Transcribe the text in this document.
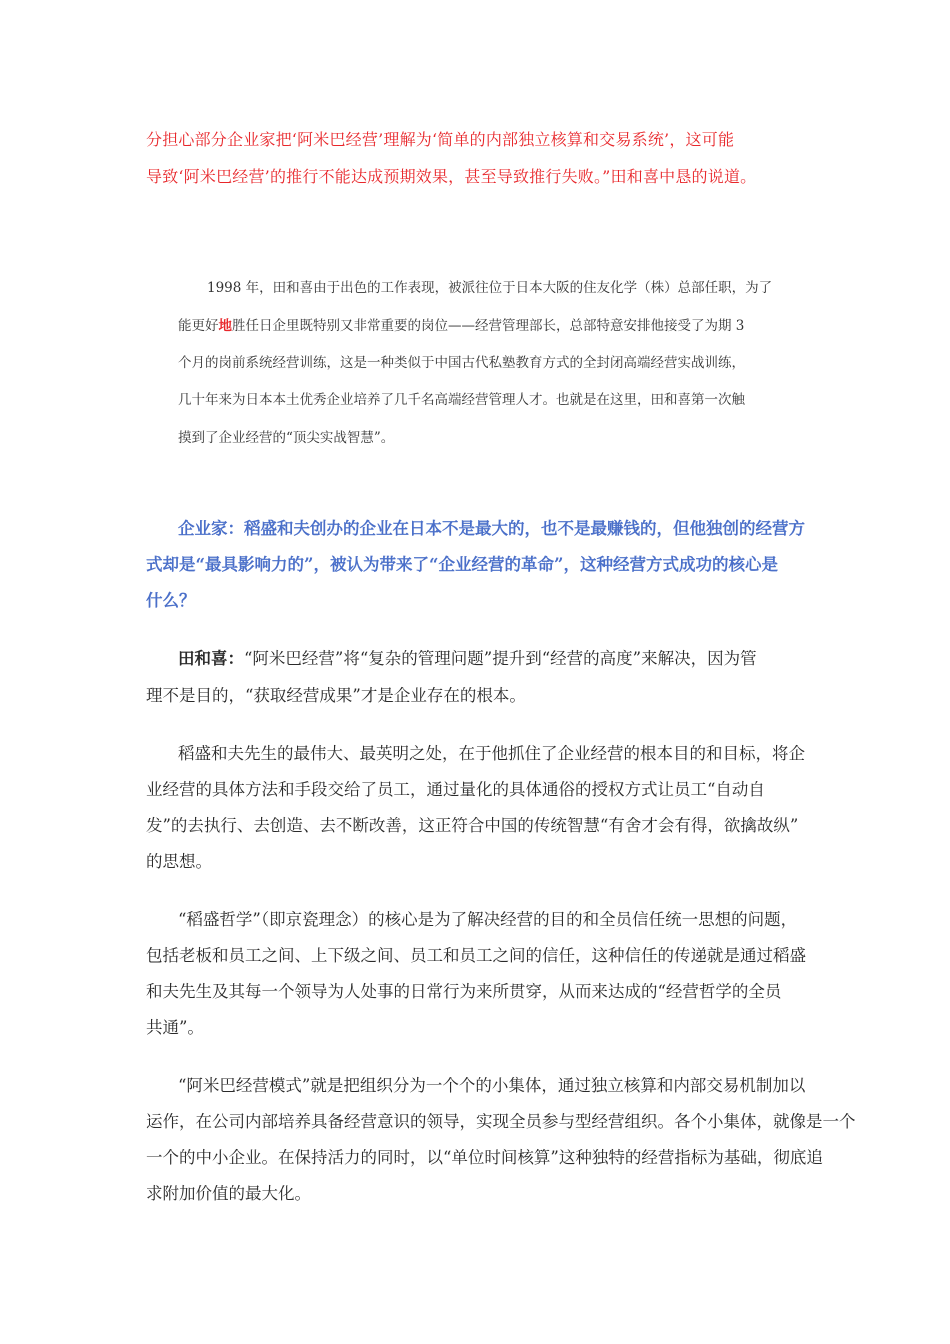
分担心部分企业家把‘阿米巴经营’理解为‘简单的内部独立核算和交易系统’，这可能
导致‘阿米巴经营’的推行不能达成预期效果，甚至导致推行失败。”田和喜中恳的说道。
1998 年，田和喜由于出色的工作表现，被派往位于日本大阪的住友化学（株）总部任职，为了
能更好地胜任日企里既特别又非常重要的岗位——经营管理部长，总部特意安排他接受了为期 3
个月的岗前系统经营训练，这是一种类似于中国古代私塾教育方式的全封闭高端经营实战训练，
几十年来为日本本土优秀企业培养了几千名高端经营管理人才。也就是在这里，田和喜第一次触
摸到了企业经营的“顶尖实战智慧”。
企业家：稻盛和夫创办的企业在日本不是最大的，也不是最赚钱的，但他独创的经营方
式却是“最具影响力的”，被认为带来了“企业经营的革命”，这种经营方式成功的核心是
什么？
田和喜：“阿米巴经营”将“复杂的管理问题”提升到“经营的高度”来解决，因为管
理不是目的，“获取经营成果”才是企业存在的根本。
稻盛和夫先生的最伟大、最英明之处，在于他抓住了企业经营的根本目的和目标，将企
业经营的具体方法和手段交给了员工，通过量化的具体通俗的授权方式让员工“自动自
发”的去执行、去创造、去不断改善，这正符合中国的传统智慧“有舍才会有得，欲擒故纵”
的思想。
“稻盛哲学”（即京瓷理念）的核心是为了解决经营的目的和全员信任统一思想的问题，
包括老板和员工之间、上下级之间、员工和员工之间的信任，这种信任的传递就是通过稻盛
和夫先生及其每一个领导为人处事的日常行为来所贯穿，从而来达成的“经营哲学的全员
共通”。
“阿米巴经营模式”就是把组织分为一个个的小集体，通过独立核算和内部交易机制加以
运作，在公司内部培养具备经营意识的领导，实现全员参与型经营组织。各个小集体，就像是一个
一个的中小企业。在保持活力的同时，以“单位时间核算”这种独特的经营指标为基础，彻底追
求附加价值的最大化。
